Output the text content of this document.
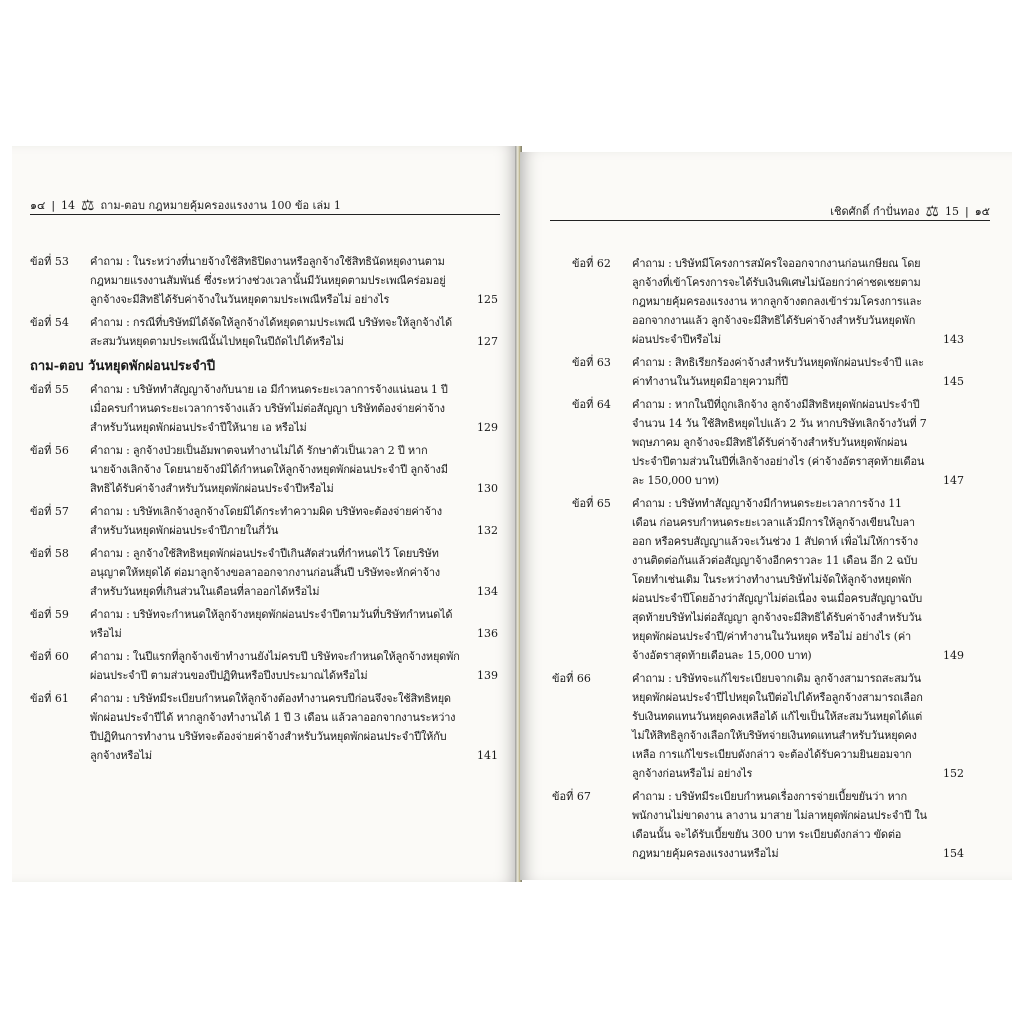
๑๔ | 14 ⚖ ถาม-ตอบ กฎหมายคุ้มครองแรงงาน 100 ข้อ เล่ม 1
ข้อที่ 53	คำถาม : ในระหว่างที่นายจ้างใช้สิทธิปิดงานหรือลูกจ้างใช้สิทธินัดหยุดงานตามกฎหมายแรงงานสัมพันธ์ ซึ่งระหว่างช่วงเวลานั้นมีวันหยุดตามประเพณีคร่อมอยู่ ลูกจ้างจะมีสิทธิได้รับค่าจ้างในวันหยุดตามประเพณีหรือไม่ อย่างไร	125
ข้อที่ 54	คำถาม : กรณีที่บริษัทมิได้จัดให้ลูกจ้างได้หยุดตามประเพณี บริษัทจะให้ลูกจ้างได้สะสมวันหยุดตามประเพณีนั้นไปหยุดในปีถัดไปได้หรือไม่	127
ถาม-ตอบ วันหยุดพักผ่อนประจำปี
ข้อที่ 55	คำถาม : บริษัททำสัญญาจ้างกับนาย เอ มีกำหนดระยะเวลาการจ้างแน่นอน 1 ปี เมื่อครบกำหนดระยะเวลาการจ้างแล้ว บริษัทไม่ต่อสัญญา บริษัทต้องจ่ายค่าจ้างสำหรับวันหยุดพักผ่อนประจำปีให้นาย เอ หรือไม่	129
ข้อที่ 56	คำถาม : ลูกจ้างป่วยเป็นอัมพาตจนทำงานไม่ได้ รักษาตัวเป็นเวลา 2 ปี หากนายจ้างเลิกจ้าง โดยนายจ้างมิได้กำหนดให้ลูกจ้างหยุดพักผ่อนประจำปี ลูกจ้างมีสิทธิได้รับค่าจ้างสำหรับวันหยุดพักผ่อนประจำปีหรือไม่	130
ข้อที่ 57	คำถาม : บริษัทเลิกจ้างลูกจ้างโดยมิได้กระทำความผิด บริษัทจะต้องจ่ายค่าจ้างสำหรับวันหยุดพักผ่อนประจำปีภายในกี่วัน	132
ข้อที่ 58	คำถาม : ลูกจ้างใช้สิทธิหยุดพักผ่อนประจำปีเกินสัดส่วนที่กำหนดไว้ โดยบริษัทอนุญาตให้หยุดได้ ต่อมาลูกจ้างขอลาออกจากงานก่อนสิ้นปี บริษัทจะหักค่าจ้างสำหรับวันหยุดที่เกินส่วนในเดือนที่ลาออกได้หรือไม่	134
ข้อที่ 59	คำถาม : บริษัทจะกำหนดให้ลูกจ้างหยุดพักผ่อนประจำปีตามวันที่บริษัทกำหนดได้หรือไม่	136
ข้อที่ 60	คำถาม : ในปีแรกที่ลูกจ้างเข้าทำงานยังไม่ครบปี บริษัทจะกำหนดให้ลูกจ้างหยุดพักผ่อนประจำปี ตามส่วนของปีปฏิทินหรือปีงบประมาณได้หรือไม่	139
ข้อที่ 61	คำถาม : บริษัทมีระเบียบกำหนดให้ลูกจ้างต้องทำงานครบปีก่อนจึงจะใช้สิทธิหยุดพักผ่อนประจำปีได้ หากลูกจ้างทำงานได้ 1 ปี 3 เดือน แล้วลาออกจากงานระหว่างปีปฏิทินการทำงาน บริษัทจะต้องจ่ายค่าจ้างสำหรับวันหยุดพักผ่อนประจำปีให้กับลูกจ้างหรือไม่	141
เชิดศักดิ์ กำปั่นทอง ⚖ 15 | ๑๕
ข้อที่ 62	คำถาม : บริษัทมีโครงการสมัครใจออกจากงานก่อนเกษียณ โดยลูกจ้างที่เข้าโครงการจะได้รับเงินพิเศษไม่น้อยกว่าค่าชดเชยตามกฎหมายคุ้มครองแรงงาน หากลูกจ้างตกลงเข้าร่วมโครงการและออกจากงานแล้ว ลูกจ้างจะมีสิทธิได้รับค่าจ้างสำหรับวันหยุดพักผ่อนประจำปีหรือไม่	143
ข้อที่ 63	คำถาม : สิทธิเรียกร้องค่าจ้างสำหรับวันหยุดพักผ่อนประจำปี และค่าทำงานในวันหยุดมีอายุความกี่ปี	145
ข้อที่ 64	คำถาม : หากในปีที่ถูกเลิกจ้าง ลูกจ้างมีสิทธิหยุดพักผ่อนประจำปีจำนวน 14 วัน ใช้สิทธิหยุดไปแล้ว 2 วัน หากบริษัทเลิกจ้างวันที่ 7 พฤษภาคม ลูกจ้างจะมีสิทธิได้รับค่าจ้างสำหรับวันหยุดพักผ่อนประจำปีตามส่วนในปีที่เลิกจ้างอย่างไร (ค่าจ้างอัตราสุดท้ายเดือนละ 150,000 บาท)	147
ข้อที่ 65	คำถาม : บริษัททำสัญญาจ้างมีกำหนดระยะเวลาการจ้าง 11 เดือน ก่อนครบกำหนดระยะเวลาแล้วมีการให้ลูกจ้างเขียนใบลาออก หรือครบสัญญาแล้วจะเว้นช่วง 1 สัปดาห์ เพื่อไม่ให้การจ้างงานติดต่อกันแล้วต่อสัญญาจ้างอีกคราวละ 11 เดือน อีก 2 ฉบับ โดยทำเช่นเดิม ในระหว่างทำงานบริษัทไม่จัดให้ลูกจ้างหยุดพักผ่อนประจำปีโดยอ้างว่าสัญญาไม่ต่อเนื่อง จนเมื่อครบสัญญาฉบับสุดท้ายบริษัทไม่ต่อสัญญา ลูกจ้างจะมีสิทธิได้รับค่าจ้างสำหรับวันหยุดพักผ่อนประจำปี/ค่าทำงานในวันหยุด หรือไม่ อย่างไร (ค่าจ้างอัตราสุดท้ายเดือนละ 15,000 บาท)	149
ข้อที่ 66	คำถาม : บริษัทจะแก้ไขระเบียบจากเดิม ลูกจ้างสามารถสะสมวันหยุดพักผ่อนประจำปีไปหยุดในปีต่อไปได้หรือลูกจ้างสามารถเลือกรับเงินทดแทนวันหยุดคงเหลือได้ แก้ไขเป็นให้สะสมวันหยุดได้แต่ไม่ให้สิทธิลูกจ้างเลือกให้บริษัทจ่ายเงินทดแทนสำหรับวันหยุดคงเหลือ การแก้ไขระเบียบดังกล่าว จะต้องได้รับความยินยอมจากลูกจ้างก่อนหรือไม่ อย่างไร	152
ข้อที่ 67	คำถาม : บริษัทมีระเบียบกำหนดเรื่องการจ่ายเบี้ยขยันว่า หากพนักงานไม่ขาดงาน ลางาน มาสาย ไม่ลาหยุดพักผ่อนประจำปี ในเดือนนั้น จะได้รับเบี้ยขยัน 300 บาท ระเบียบดังกล่าว ขัดต่อกฎหมายคุ้มครองแรงงานหรือไม่	154
